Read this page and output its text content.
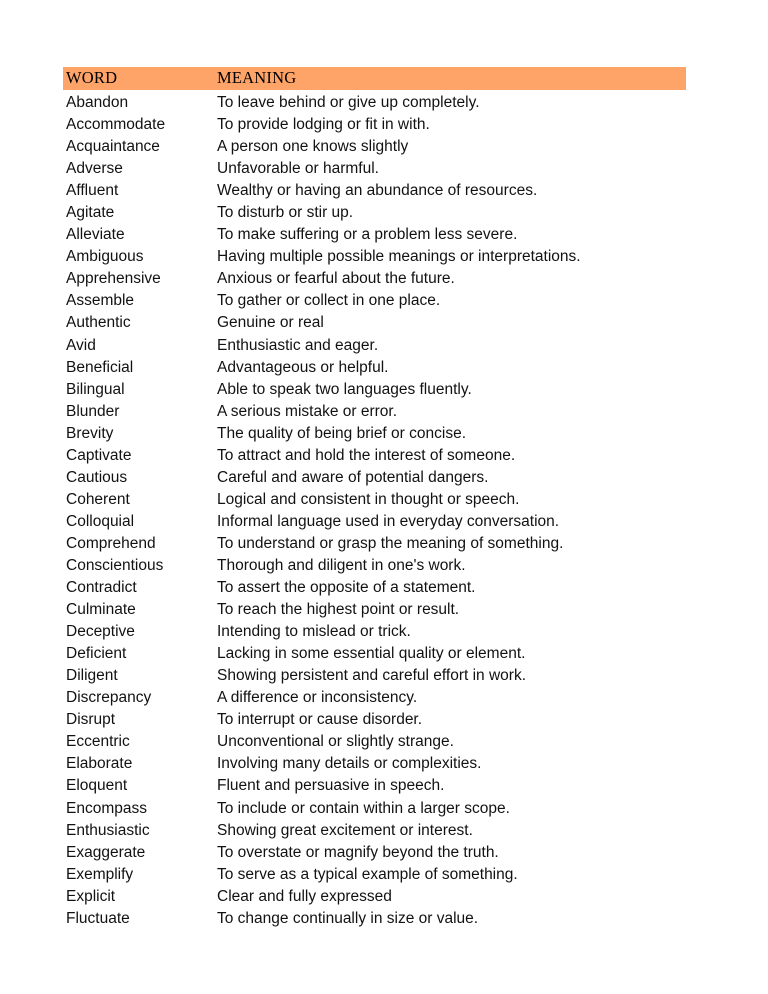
WORD	MEANING
Abandon	To leave behind or give up completely.
Accommodate	To provide lodging or fit in with.
Acquaintance	A person one knows slightly
Adverse	Unfavorable or harmful.
Affluent	Wealthy or having an abundance of resources.
Agitate	To disturb or stir up.
Alleviate	To make suffering or a problem less severe.
Ambiguous	Having multiple possible meanings or interpretations.
Apprehensive	Anxious or fearful about the future.
Assemble	To gather or collect in one place.
Authentic	Genuine or real
Avid	Enthusiastic and eager.
Beneficial	Advantageous or helpful.
Bilingual	Able to speak two languages fluently.
Blunder	A serious mistake or error.
Brevity	The quality of being brief or concise.
Captivate	To attract and hold the interest of someone.
Cautious	Careful and aware of potential dangers.
Coherent	Logical and consistent in thought or speech.
Colloquial	Informal language used in everyday conversation.
Comprehend	To understand or grasp the meaning of something.
Conscientious	Thorough and diligent in one's work.
Contradict	To assert the opposite of a statement.
Culminate	To reach the highest point or result.
Deceptive	Intending to mislead or trick.
Deficient	Lacking in some essential quality or element.
Diligent	Showing persistent and careful effort in work.
Discrepancy	A difference or inconsistency.
Disrupt	To interrupt or cause disorder.
Eccentric	Unconventional or slightly strange.
Elaborate	Involving many details or complexities.
Eloquent	Fluent and persuasive in speech.
Encompass	To include or contain within a larger scope.
Enthusiastic	Showing great excitement or interest.
Exaggerate	To overstate or magnify beyond the truth.
Exemplify	To serve as a typical example of something.
Explicit	Clear and fully expressed
Fluctuate	To change continually in size or value.
